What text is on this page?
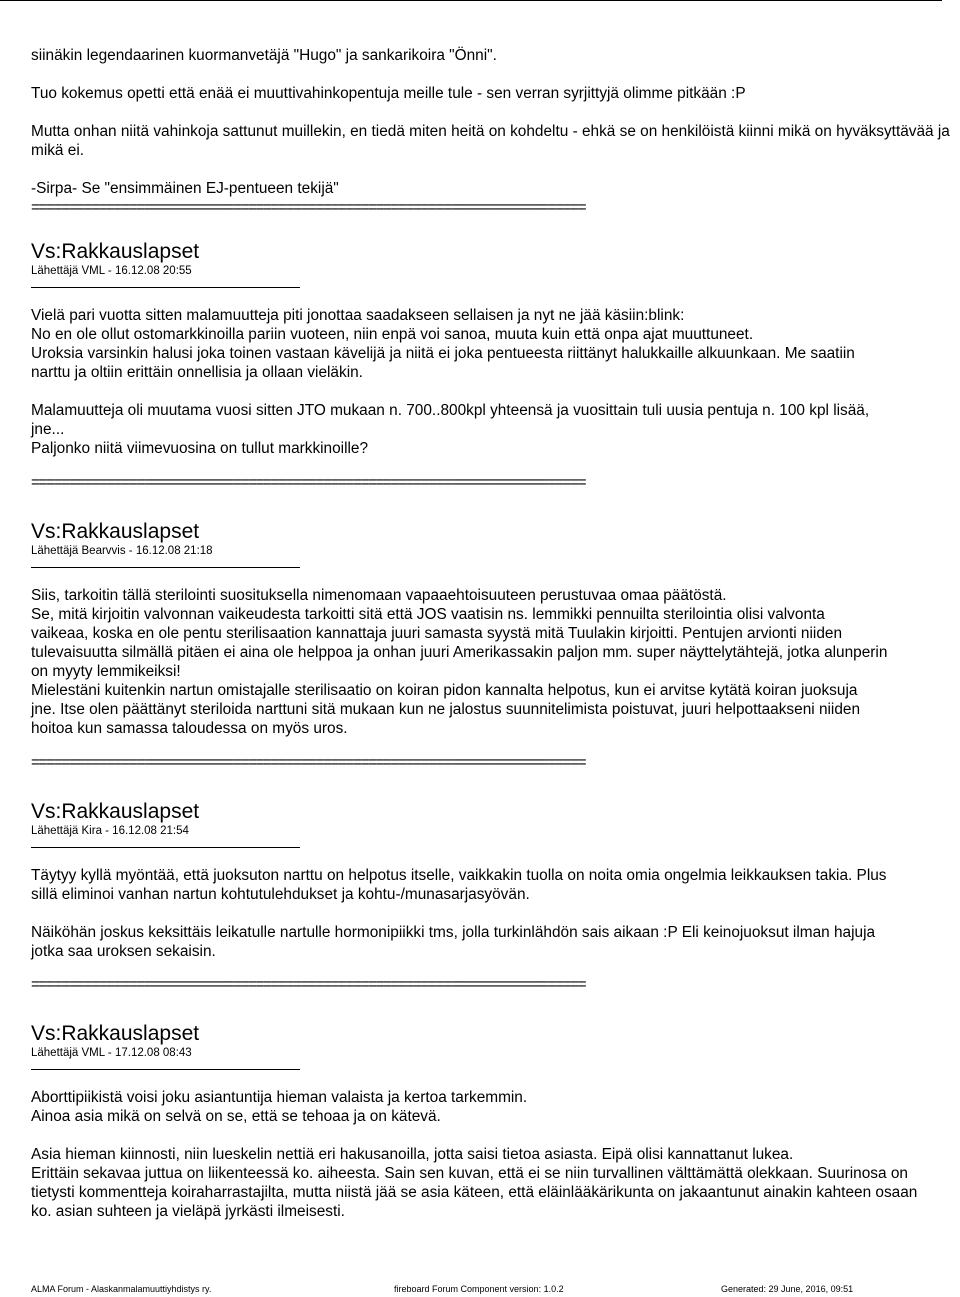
siinäkin legendaarinen kuormanvetäjä "Hugo" ja sankarikoira "Önni".

Tuo kokemus opetti että enää ei muuttivahinkopentuja meille tule - sen verran syrjittyjä olimme pitkään :P

Mutta onhan niitä vahinkoja sattunut muillekin, en tiedä miten heitä on kohdeltu - ehkä se on henkilöistä kiinni mikä on hyväksyttävää ja

mikä ei.

-Sirpa- Se "ensimmäinen EJ-pentueen tekijä"

==========================================================================

Vs:Rakkauslapset

Lähettäjä VML - 16.12.08 20:55

Vielä pari vuotta sitten malamuutteja piti jonottaa saadakseen sellaisen ja nyt ne jää käsiin:blink:

No en ole ollut ostomarkkinoilla pariin vuoteen, niin enpä voi sanoa, muuta kuin että onpa ajat muuttuneet.

Uroksia varsinkin halusi joka toinen vastaan kävelijä ja niitä ei joka pentueesta riittänyt halukkaille alkuunkaan. Me saatiin

narttu ja oltiin erittäin onnellisia ja ollaan vieläkin.

Malamuutteja oli muutama vuosi sitten JTO mukaan n. 700..800kpl yhteensä ja vuosittain tuli uusia pentuja n. 100 kpl lisää,

jne...

Paljonko niitä viimevuosina on tullut markkinoille?

==========================================================================

Vs:Rakkauslapset

Lähettäjä Bearvvis - 16.12.08 21:18

Siis, tarkoitin tällä sterilointi suosituksella nimenomaan vapaaehtoisuuteen perustuvaa omaa päätöstä.

Se, mitä kirjoitin valvonnan vaikeudesta tarkoitti sitä että JOS vaatisin ns. lemmikki pennuilta sterilointia olisi valvonta

vaikeaa, koska en ole pentu sterilisaation kannattaja juuri samasta syystä mitä Tuulakin kirjoitti. Pentujen arvionti niiden

tulevaisuutta silmällä pitäen ei aina ole helppoa ja onhan juuri Amerikassakin paljon mm. super näyttelytähtejä, jotka alunperin

on myyty lemmikeiksi!

Mielestäni kuitenkin nartun omistajalle sterilisaatio on koiran pidon kannalta helpotus, kun ei arvitse kytätä koiran juoksuja

jne. Itse olen päättänyt steriloida narttuni sitä mukaan kun ne jalostus suunnitelimista poistuvat, juuri helpottaakseni niiden

hoitoa kun samassa taloudessa on myös uros.

==========================================================================

Vs:Rakkauslapset

Lähettäjä Kira - 16.12.08 21:54

Täytyy kyllä myöntää, että juoksuton narttu on helpotus itselle, vaikkakin tuolla on noita omia ongelmia leikkauksen takia. Plus

sillä eliminoi vanhan nartun kohtutulehdukset ja kohtu-/munasarjasyövän.

Näiköhän joskus keksittäis leikatulle nartulle hormonipiikki tms, jolla turkinlähdön sais aikaan :P Eli keinojuoksut ilman hajuja

jotka saa uroksen sekaisin.

==========================================================================

Vs:Rakkauslapset

Lähettäjä VML - 17.12.08 08:43

Aborttipiikistä voisi joku asiantuntija hieman valaista ja kertoa tarkemmin.

Ainoa asia mikä on selvä on se, että se tehoaa ja on kätevä.

Asia hieman kiinnosti, niin lueskelin nettiä eri hakusanoilla, jotta saisi tietoa asiasta. Eipä olisi kannattanut lukea.

Erittäin sekavaa juttua on liikenteessä ko. aiheesta. Sain sen kuvan, että ei se niin turvallinen välttämättä olekkaan. Suurinosa on

tietysti kommentteja koiraharrastajilta, mutta niistä jää se asia käteen, että eläinlääkärikunta on jakaantunut ainakin kahteen osaan

ko. asian suhteen ja vieläpä jyrkästi ilmeisesti.

ALMA Forum - Alaskanmalamuuttiyhdistys ry.	fireboard Forum Component version: 1.0.2	Generated: 29 June, 2016, 09:51
